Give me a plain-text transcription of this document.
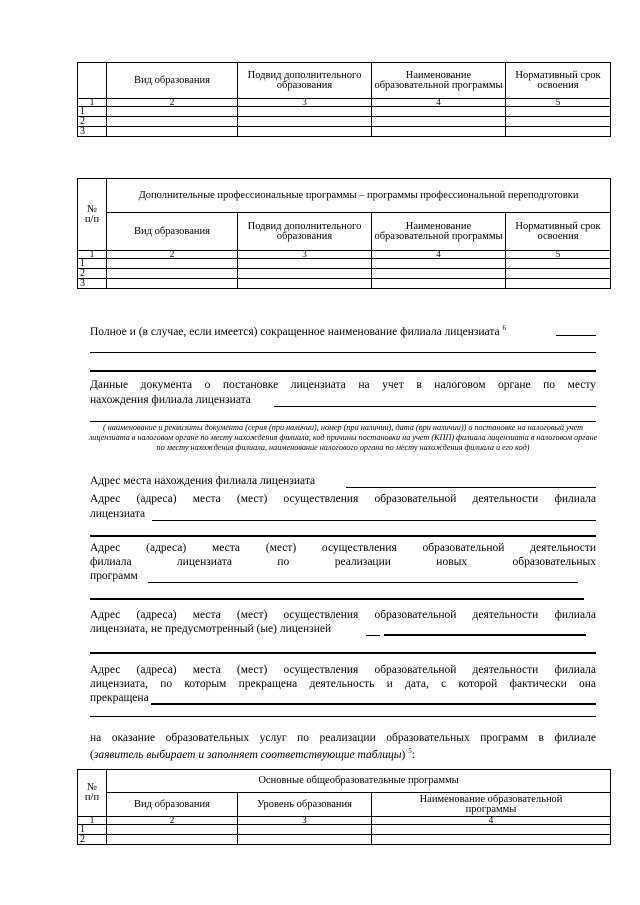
	Вид образования	Подвид дополнительного образования	Наименование образовательной программы	Нормативный срок освоения
1	2	3	4	5
1				
2				
3				
№ п/п	Дополнительные профессиональные программы – программы профессиональной переподготовки			
	Вид образования	Подвид дополнительного образования	Наименование образовательной программы	Нормативный срок освоения
1	2	3	4	5
1				
2				
3				
Полное и (в случае, если имеется) сокращенное наименование филиала лицензиата $^6$
Данные документа о постановке лицензиата на учет в налоговом органе по месту
нахождения филиала лицензиата
( наименование и реквизиты документа (серия (при наличии), номер (при наличии), дата (при наличии)) о постановке на налоговый учет лицензиата в налоговом органе по месту нахождения филиала, код причины постановки на учет (КПП) филиала лицензиата в налоговом органе по месту нахождения филиала, наименование налогового органа по месту нахождения филиала и его код)
Адрес места нахождения филиала лицензиата
Адрес (адреса) места (мест) осуществления образовательной деятельности филиала
лицензиата
Адрес (адреса) места (мест) осуществления образовательной деятельности
филиала лицензиата по реализации новых образовательных
программ
Адрес (адреса) места (мест) осуществления образовательной деятельности филиала
лицензиата, не предусмотренный (ые) лицензией
Адрес (адреса) места (мест) осуществления образовательной деятельности филиала
лицензиата, по которым прекращена деятельность и дата, с которой фактически она
прекращена
на оказание образовательных услуг по реализации образовательных программ в филиале
(заявитель выбирает и заполняет соответствующие таблицы) $^5$:
№ п/п	Основные общеобразовательные программы		
	Вид образования	Уровень образования	Наименование образовательной программы
1	2	3	4
1			
2			
